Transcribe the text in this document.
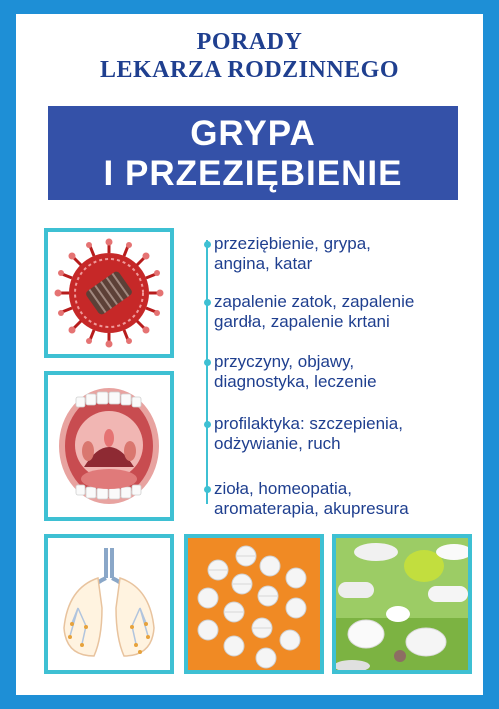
PORADY
LEKARZA RODZINNEGO
GRYPA
I PRZEZIĘBIENIE
przeziębienie, grypa,
angina, katar
zapalenie zatok, zapalenie
gardła, zapalenie krtani
przyczyny, objawy,
diagnostyka, leczenie
profilaktyka: szczepienia,
odżywianie, ruch
zioła, homeopatia,
aromaterapia, akupresura
